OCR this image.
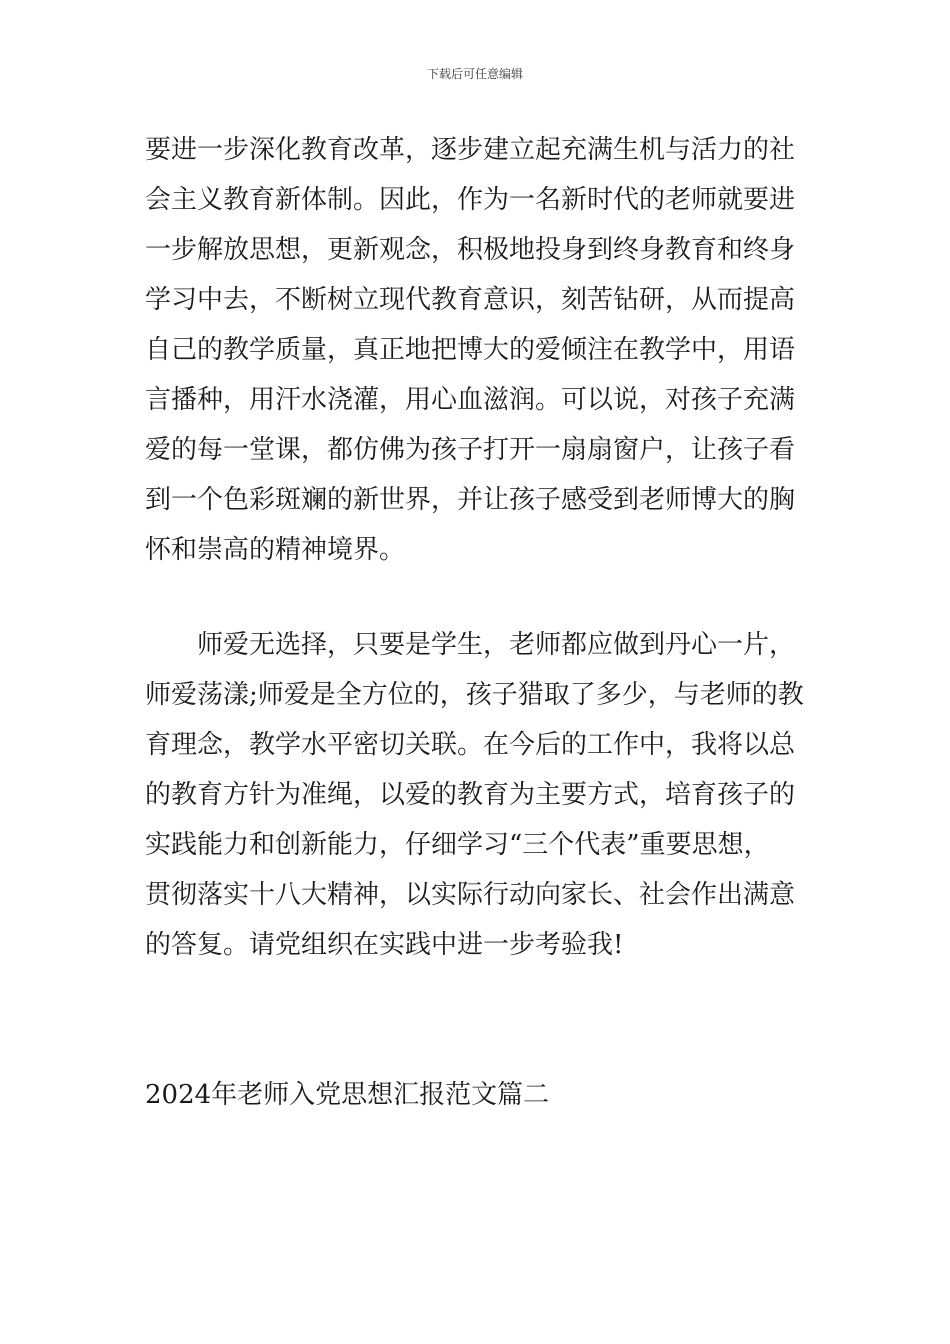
下载后可任意编辑
要进一步深化教育改革，逐步建立起充满生机与活力的社
会主义教育新体制。因此，作为一名新时代的老师就要进
一步解放思想，更新观念，积极地投身到终身教育和终身
学习中去，不断树立现代教育意识，刻苦钻研，从而提高
自己的教学质量，真正地把博大的爱倾注在教学中，用语
言播种，用汗水浇灌，用心血滋润。可以说，对孩子充满
爱的每一堂课，都仿佛为孩子打开一扇扇窗户，让孩子看
到一个色彩斑斓的新世界，并让孩子感受到老师博大的胸
怀和崇高的精神境界。
　　师爱无选择，只要是学生，老师都应做到丹心一片，
师爱荡漾;师爱是全方位的，孩子猎取了多少，与老师的教
育理念，教学水平密切关联。在今后的工作中，我将以总
的教育方针为准绳，以爱的教育为主要方式，培育孩子的
实践能力和创新能力，仔细学习“三个代表”重要思想，
贯彻落实十八大精神，以实际行动向家长、社会作出满意
的答复。请党组织在实践中进一步考验我!
2024年老师入党思想汇报范文篇二
